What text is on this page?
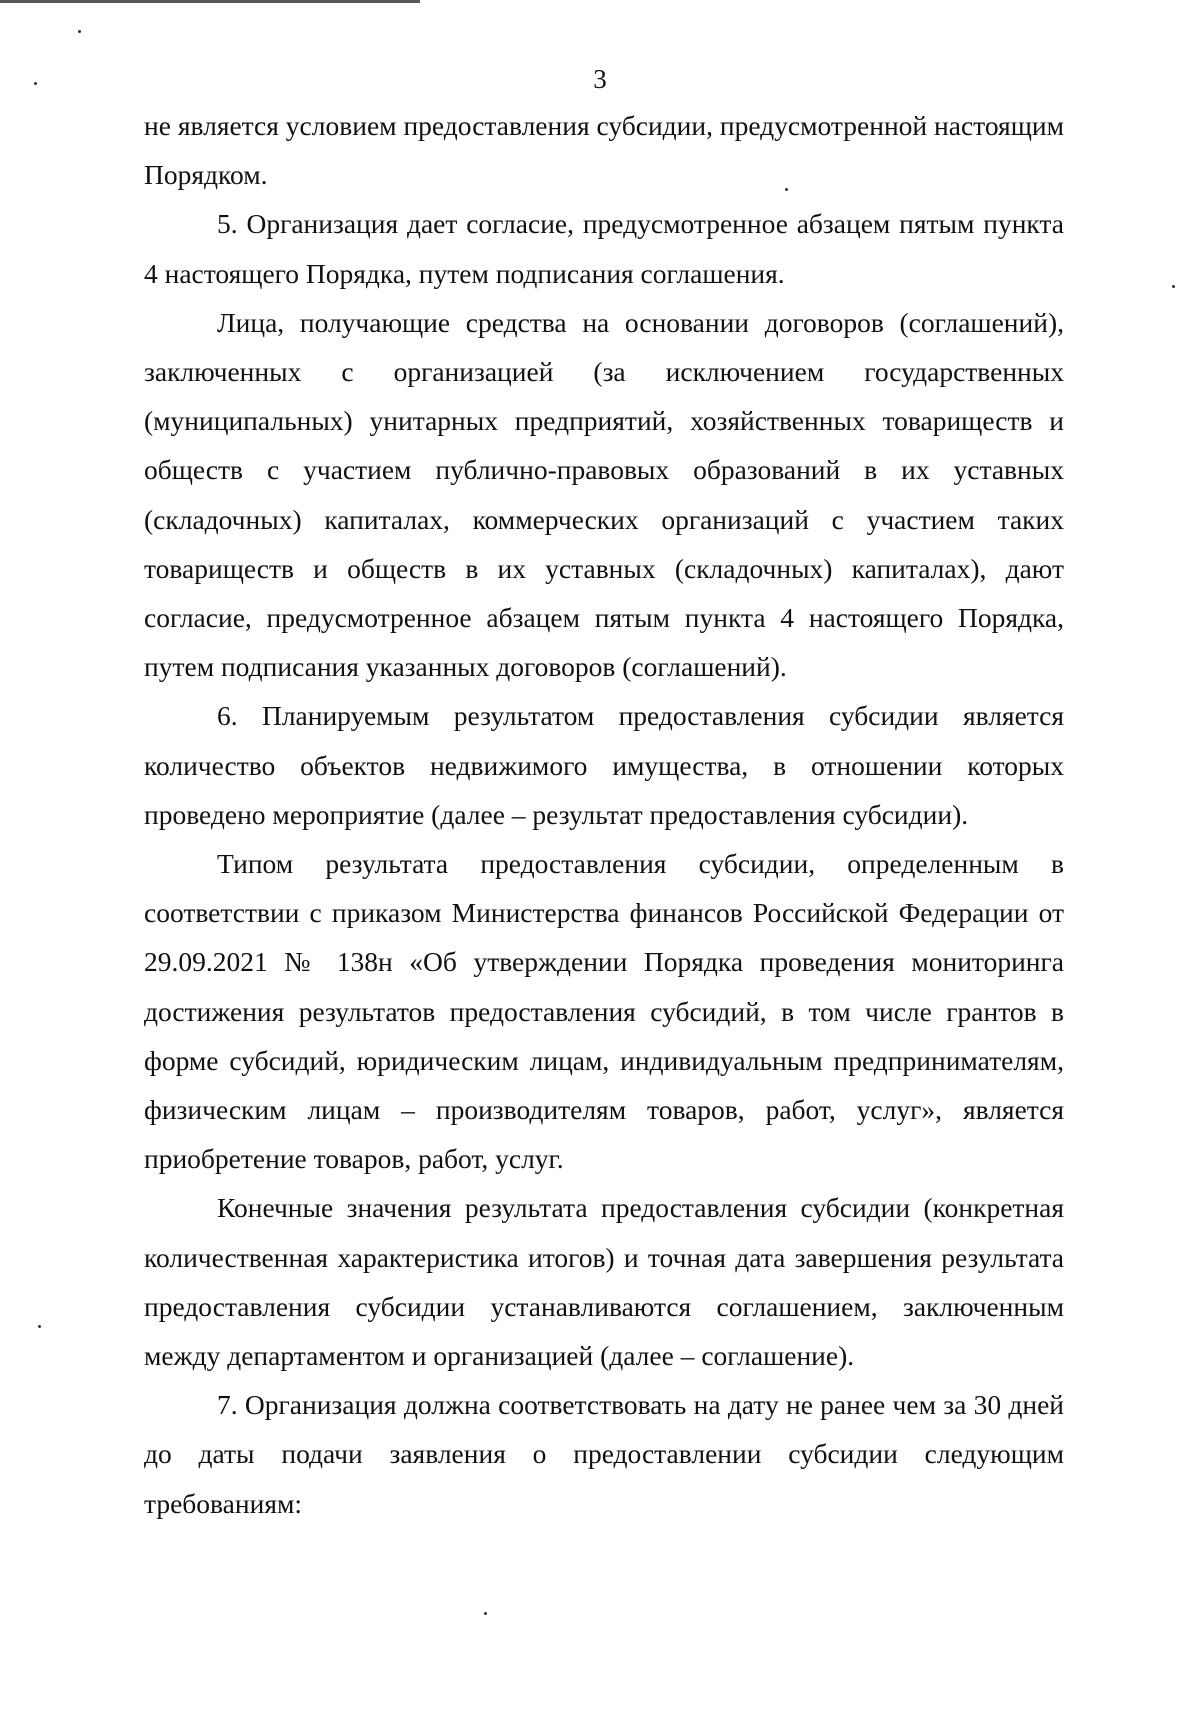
3

не является условием предоставления субсидии, предусмотренной настоящим Порядком.

5. Организация дает согласие, предусмотренное абзацем пятым пункта 4 настоящего Порядка, путем подписания соглашения.

Лица, получающие средства на основании договоров (соглашений), заключенных с организацией (за исключением государственных (муниципальных) унитарных предприятий, хозяйственных товариществ и обществ с участием публично-правовых образований в их уставных (складочных) капиталах, коммерческих организаций с участием таких товариществ и обществ в их уставных (складочных) капиталах), дают согласие, предусмотренное абзацем пятым пункта 4 настоящего Порядка, путем подписания указанных договоров (соглашений).

6. Планируемым результатом предоставления субсидии является количество объектов недвижимого имущества, в отношении которых проведено мероприятие (далее – результат предоставления субсидии).

Типом результата предоставления субсидии, определенным в соответствии с приказом Министерства финансов Российской Федерации от 29.09.2021 № 138н «Об утверждении Порядка проведения мониторинга достижения результатов предоставления субсидий, в том числе грантов в форме субсидий, юридическим лицам, индивидуальным предпринимателям, физическим лицам – производителям товаров, работ, услуг», является приобретение товаров, работ, услуг.

Конечные значения результата предоставления субсидии (конкретная количественная характеристика итогов) и точная дата завершения результата предоставления субсидии устанавливаются соглашением, заключенным между департаментом и организацией (далее – соглашение).

7. Организация должна соответствовать на дату не ранее чем за 30 дней до даты подачи заявления о предоставлении субсидии следующим требованиям:
